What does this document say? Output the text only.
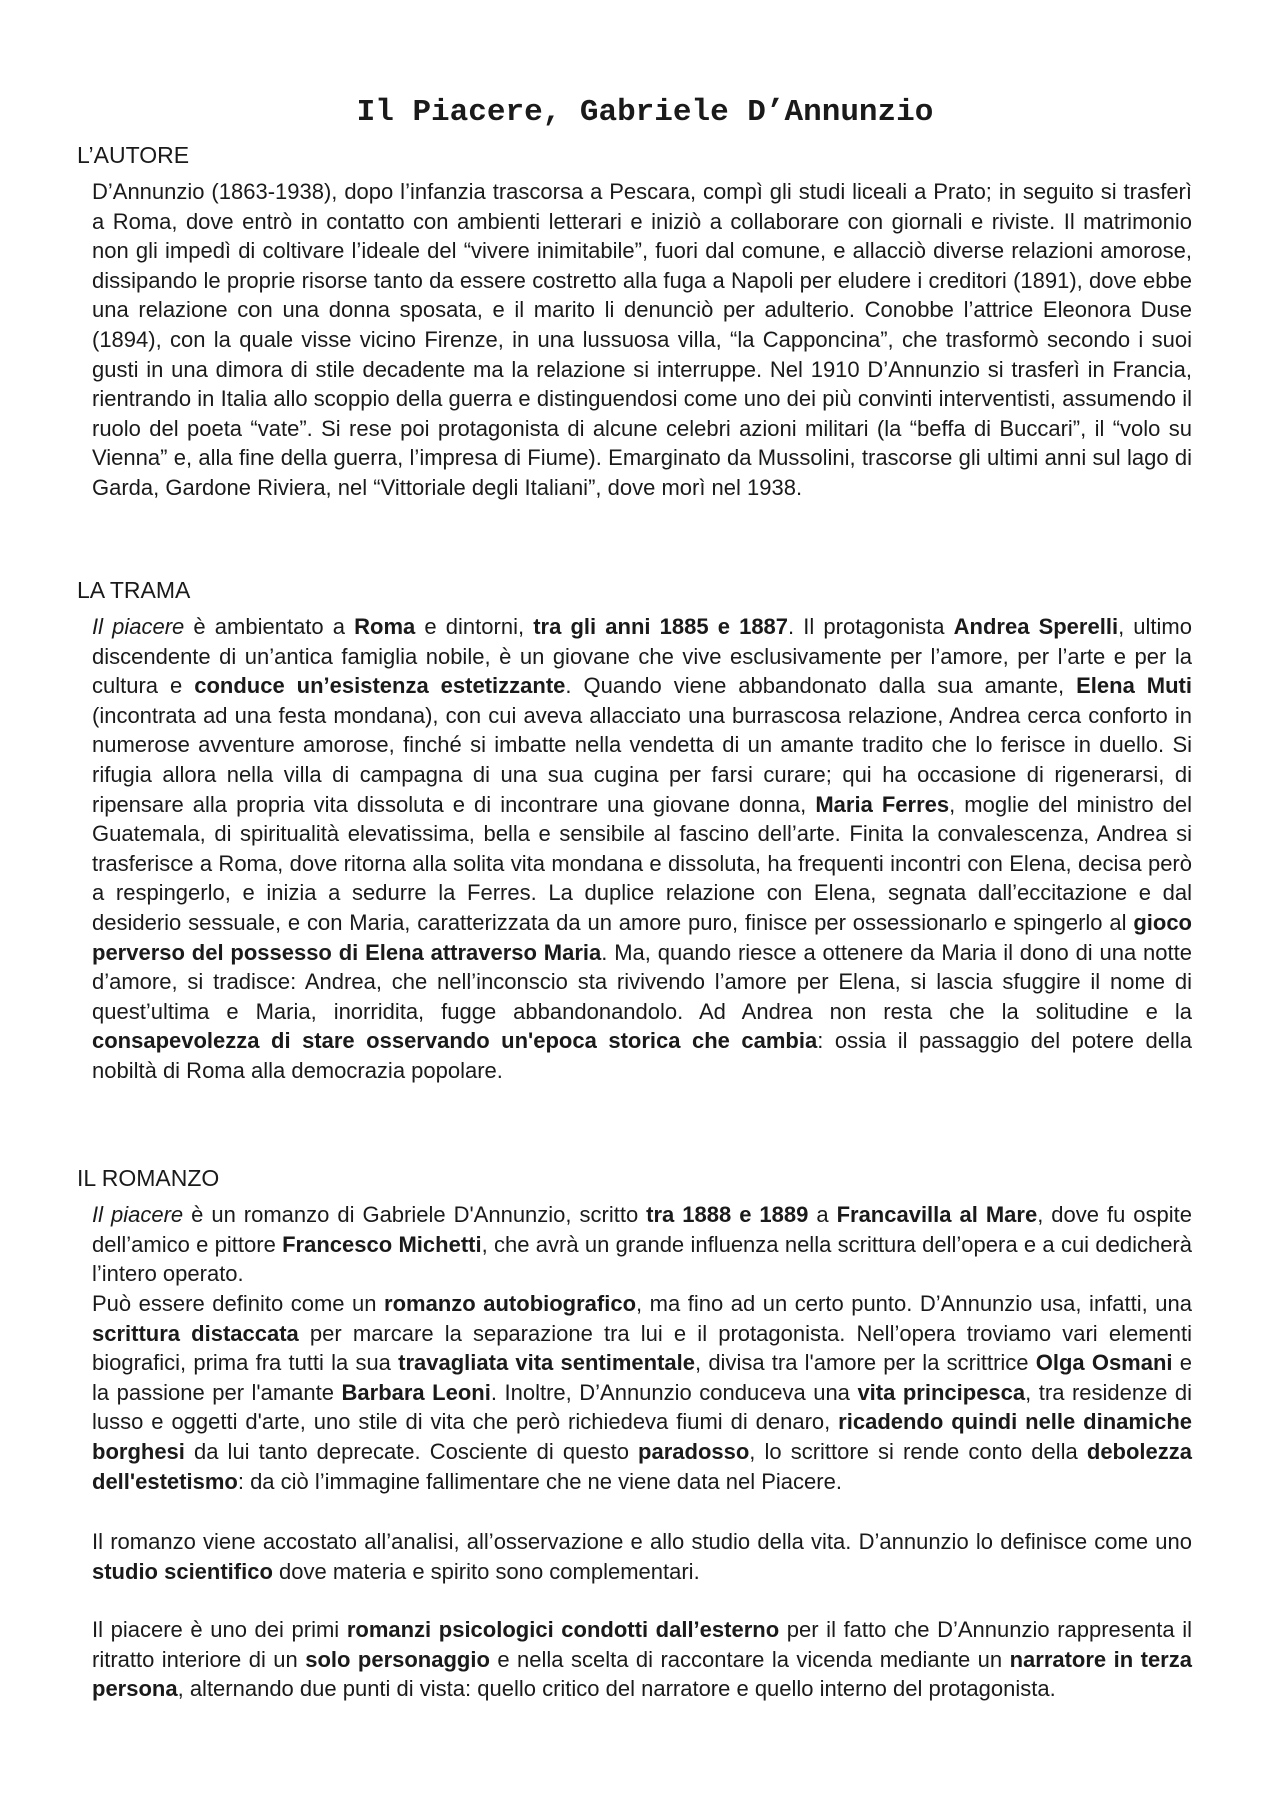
Il Piacere, Gabriele D’Annunzio
L’AUTORE

D’Annunzio (1863-1938), dopo l’infanzia trascorsa a Pescara, compì gli studi liceali a Prato; in seguito si trasferì a Roma, dove entrò in contatto con ambienti letterari e iniziò a collaborare con giornali e riviste. Il matrimonio non gli impedì di coltivare l’ideale del “vivere inimitabile”, fuori dal comune, e allacciò diverse relazioni amorose, dissipando le proprie risorse tanto da essere costretto alla fuga a Napoli per eludere i creditori (1891), dove ebbe una relazione con una donna sposata, e il marito li denunciò per adulterio. Conobbe l’attrice Eleonora Duse (1894), con la quale visse vicino Firenze, in una lussuosa villa, “la Capponcina”, che trasformò secondo i suoi gusti in una dimora di stile decadente ma la relazione si interruppe. Nel 1910 D’Annunzio si trasferì in Francia, rientrando in Italia allo scoppio della guerra e distinguendosi come uno dei più convinti interventisti, assumendo il ruolo del poeta “vate”. Si rese poi protagonista di alcune celebri azioni militari (la “beffa di Buccari”, il “volo su Vienna” e, alla fine della guerra, l’impresa di Fiume). Emarginato da Mussolini, trascorse gli ultimi anni sul lago di Garda, Gardone Riviera, nel “Vittoriale degli Italiani”, dove morì nel 1938.

LA TRAMA

Il piacere è ambientato a Roma e dintorni, tra gli anni 1885 e 1887. Il protagonista Andrea Sperelli, ultimo discendente di un’antica famiglia nobile, è un giovane che vive esclusivamente per l’amore, per l’arte e per la cultura e conduce un’esistenza estetizzante. Quando viene abbandonato dalla sua amante, Elena Muti (incontrata ad una festa mondana), con cui aveva allacciato una burrascosa relazione, Andrea cerca conforto in numerose avventure amorose, finché si imbatte nella vendetta di un amante tradito che lo ferisce in duello. Si rifugia allora nella villa di campagna di una sua cugina per farsi curare; qui ha occasione di rigenerarsi, di ripensare alla propria vita dissoluta e di incontrare una giovane donna, Maria Ferres, moglie del ministro del Guatemala, di spiritualità elevatissima, bella e sensibile al fascino dell’arte. Finita la convalescenza, Andrea si trasferisce a Roma, dove ritorna alla solita vita mondana e dissoluta, ha frequenti incontri con Elena, decisa però a respingerlo, e inizia a sedurre la Ferres. La duplice relazione con Elena, segnata dall’eccitazione e dal desiderio sessuale, e con Maria, caratterizzata da un amore puro, finisce per ossessionarlo e spingerlo al gioco perverso del possesso di Elena attraverso Maria. Ma, quando riesce a ottenere da Maria il dono di una notte d’amore, si tradisce: Andrea, che nell’inconscio sta rivivendo l’amore per Elena, si lascia sfuggire il nome di quest’ultima e Maria, inorridita, fugge abbandonandolo. Ad Andrea non resta che la solitudine e la consapevolezza di stare osservando un'epoca storica che cambia: ossia il passaggio del potere della nobiltà di Roma alla democrazia popolare.

IL ROMANZO

Il piacere è un romanzo di Gabriele D'Annunzio, scritto tra 1888 e 1889 a Francavilla al Mare, dove fu ospite dell’amico e pittore Francesco Michetti, che avrà un grande influenza nella scrittura dell’opera e a cui dedicherà l’intero operato.

Può essere definito come un romanzo autobiografico, ma fino ad un certo punto. D’Annunzio usa, infatti, una scrittura distaccata per marcare la separazione tra lui e il protagonista. Nell’opera troviamo vari elementi biografici, prima fra tutti la sua travagliata vita sentimentale, divisa tra l'amore per la scrittrice Olga Osmani e la passione per l'amante Barbara Leoni. Inoltre, D’Annunzio conduceva una vita principesca, tra residenze di lusso e oggetti d'arte, uno stile di vita che però richiedeva fiumi di denaro, ricadendo quindi nelle dinamiche borghesi da lui tanto deprecate. Cosciente di questo paradosso, lo scrittore si rende conto della debolezza dell'estetismo: da ciò l’immagine fallimentare che ne viene data nel Piacere.

Il romanzo viene accostato all’analisi, all’osservazione e allo studio della vita. D’annunzio lo definisce come uno studio scientifico dove materia e spirito sono complementari.

Il piacere è uno dei primi romanzi psicologici condotti dall’esterno per il fatto che D’Annunzio rappresenta il ritratto interiore di un solo personaggio e nella scelta di raccontare la vicenda mediante un narratore in terza persona, alternando due punti di vista: quello critico del narratore e quello interno del protagonista.
